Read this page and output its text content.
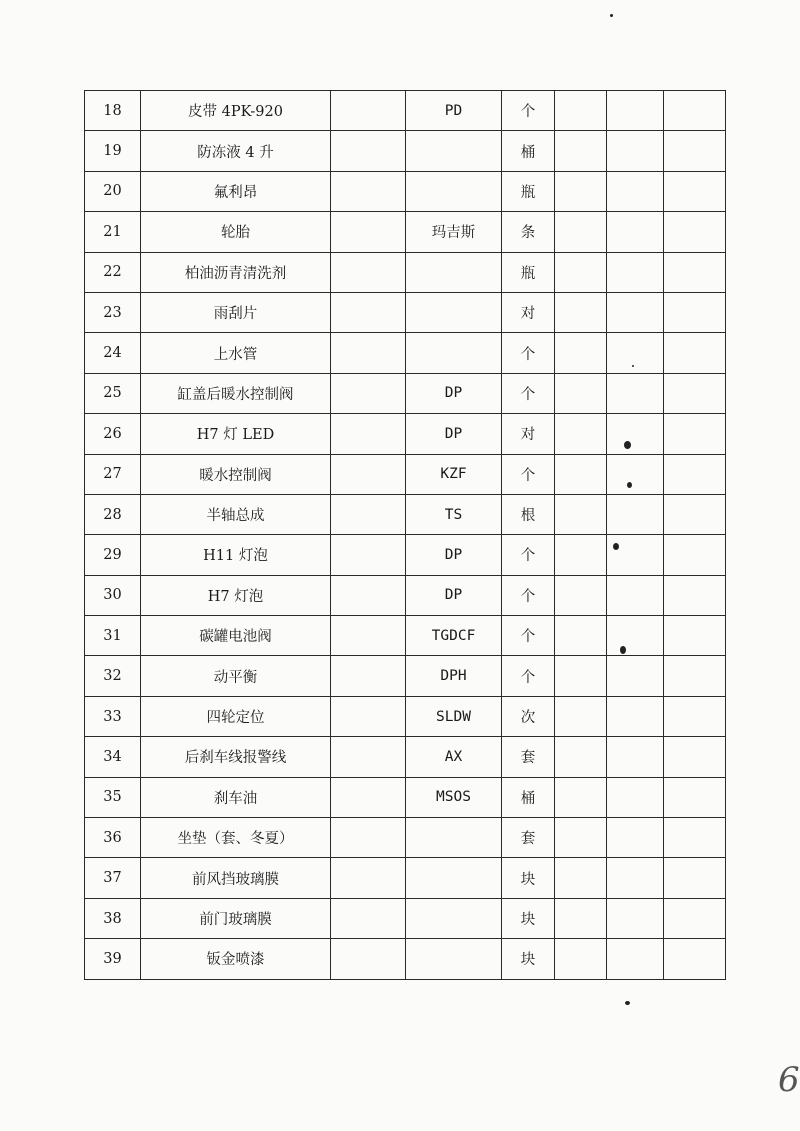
18	皮带 4PK-920		PD	个				
19	防冻液 4 升			桶				
20	氟利昂			瓶				
21	轮胎		玛吉斯	条				
22	柏油沥青清洗剂			瓶				
23	雨刮片			对				
24	上水管			个				
25	缸盖后暖水控制阀		DP	个				
26	H7 灯 LED		DP	对				
27	暖水控制阀		KZF	个				
28	半轴总成		TS	根				
29	H11 灯泡		DP	个				
30	H7 灯泡		DP	个				
31	碳罐电池阀		TGDCF	个				
32	动平衡		DPH	个				
33	四轮定位		SLDW	次				
34	后刹车线报警线		AX	套				
35	刹车油		MSOS	桶				
36	坐垫（套、冬夏）			套				
37	前风挡玻璃膜			块				
38	前门玻璃膜			块				
39	钣金喷漆			块				
6
